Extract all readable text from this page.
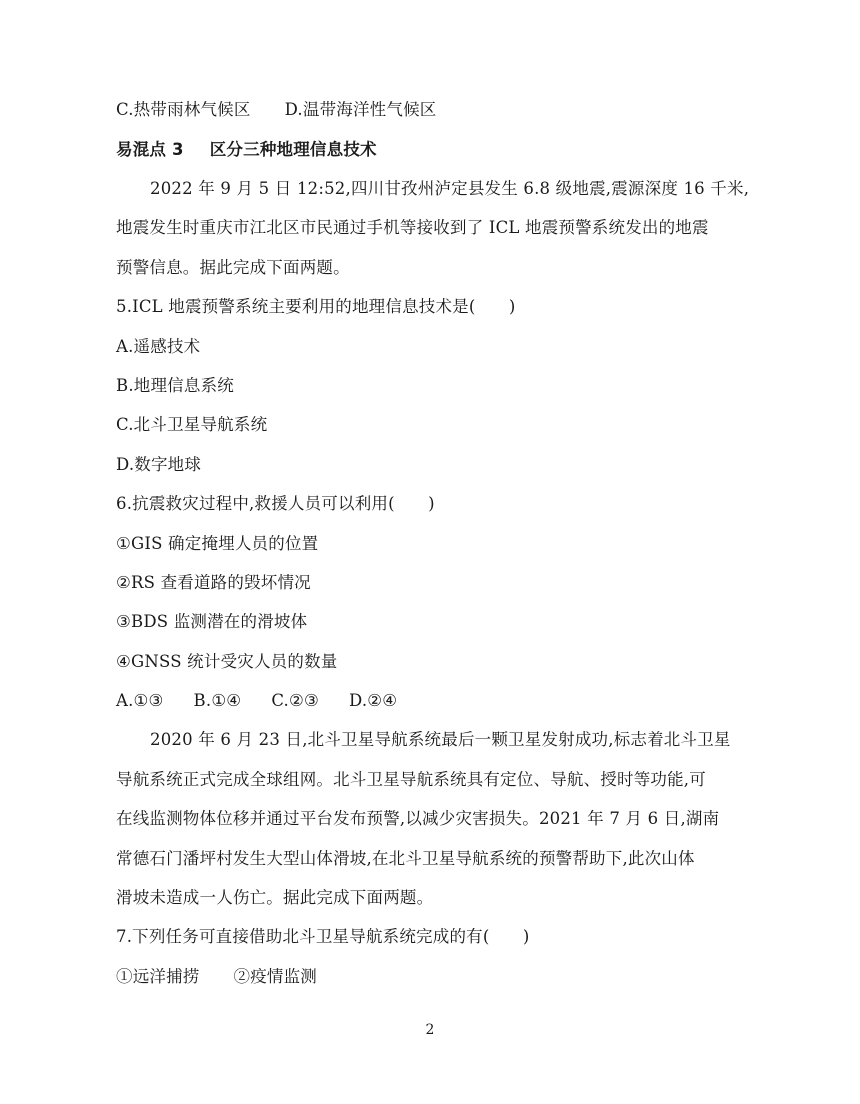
C.热带雨林气候区 D.温带海洋性气候区
易混点 3 区分三种地理信息技术
2022 年 9 月 5 日 12:52,四川甘孜州泸定县发生 6.8 级地震,震源深度 16 千米,
地震发生时重庆市江北区市民通过手机等接收到了 ICL 地震预警系统发出的地震
预警信息。据此完成下面两题。
5.ICL 地震预警系统主要利用的地理信息技术是(　　)
A.遥感技术
B.地理信息系统
C.北斗卫星导航系统
D.数字地球
6.抗震救灾过程中,救援人员可以利用(　　)
①GIS 确定掩埋人员的位置
②RS 查看道路的毁坏情况
③BDS 监测潜在的滑坡体
④GNSS 统计受灾人员的数量
A.①③ B.①④ C.②③ D.②④
2020 年 6 月 23 日,北斗卫星导航系统最后一颗卫星发射成功,标志着北斗卫星
导航系统正式完成全球组网。北斗卫星导航系统具有定位、导航、授时等功能,可
在线监测物体位移并通过平台发布预警,以减少灾害损失。2021 年 7 月 6 日,湖南
常德石门潘坪村发生大型山体滑坡,在北斗卫星导航系统的预警帮助下,此次山体
滑坡未造成一人伤亡。据此完成下面两题。
7.下列任务可直接借助北斗卫星导航系统完成的有(　　)
①远洋捕捞 ②疫情监测
2
